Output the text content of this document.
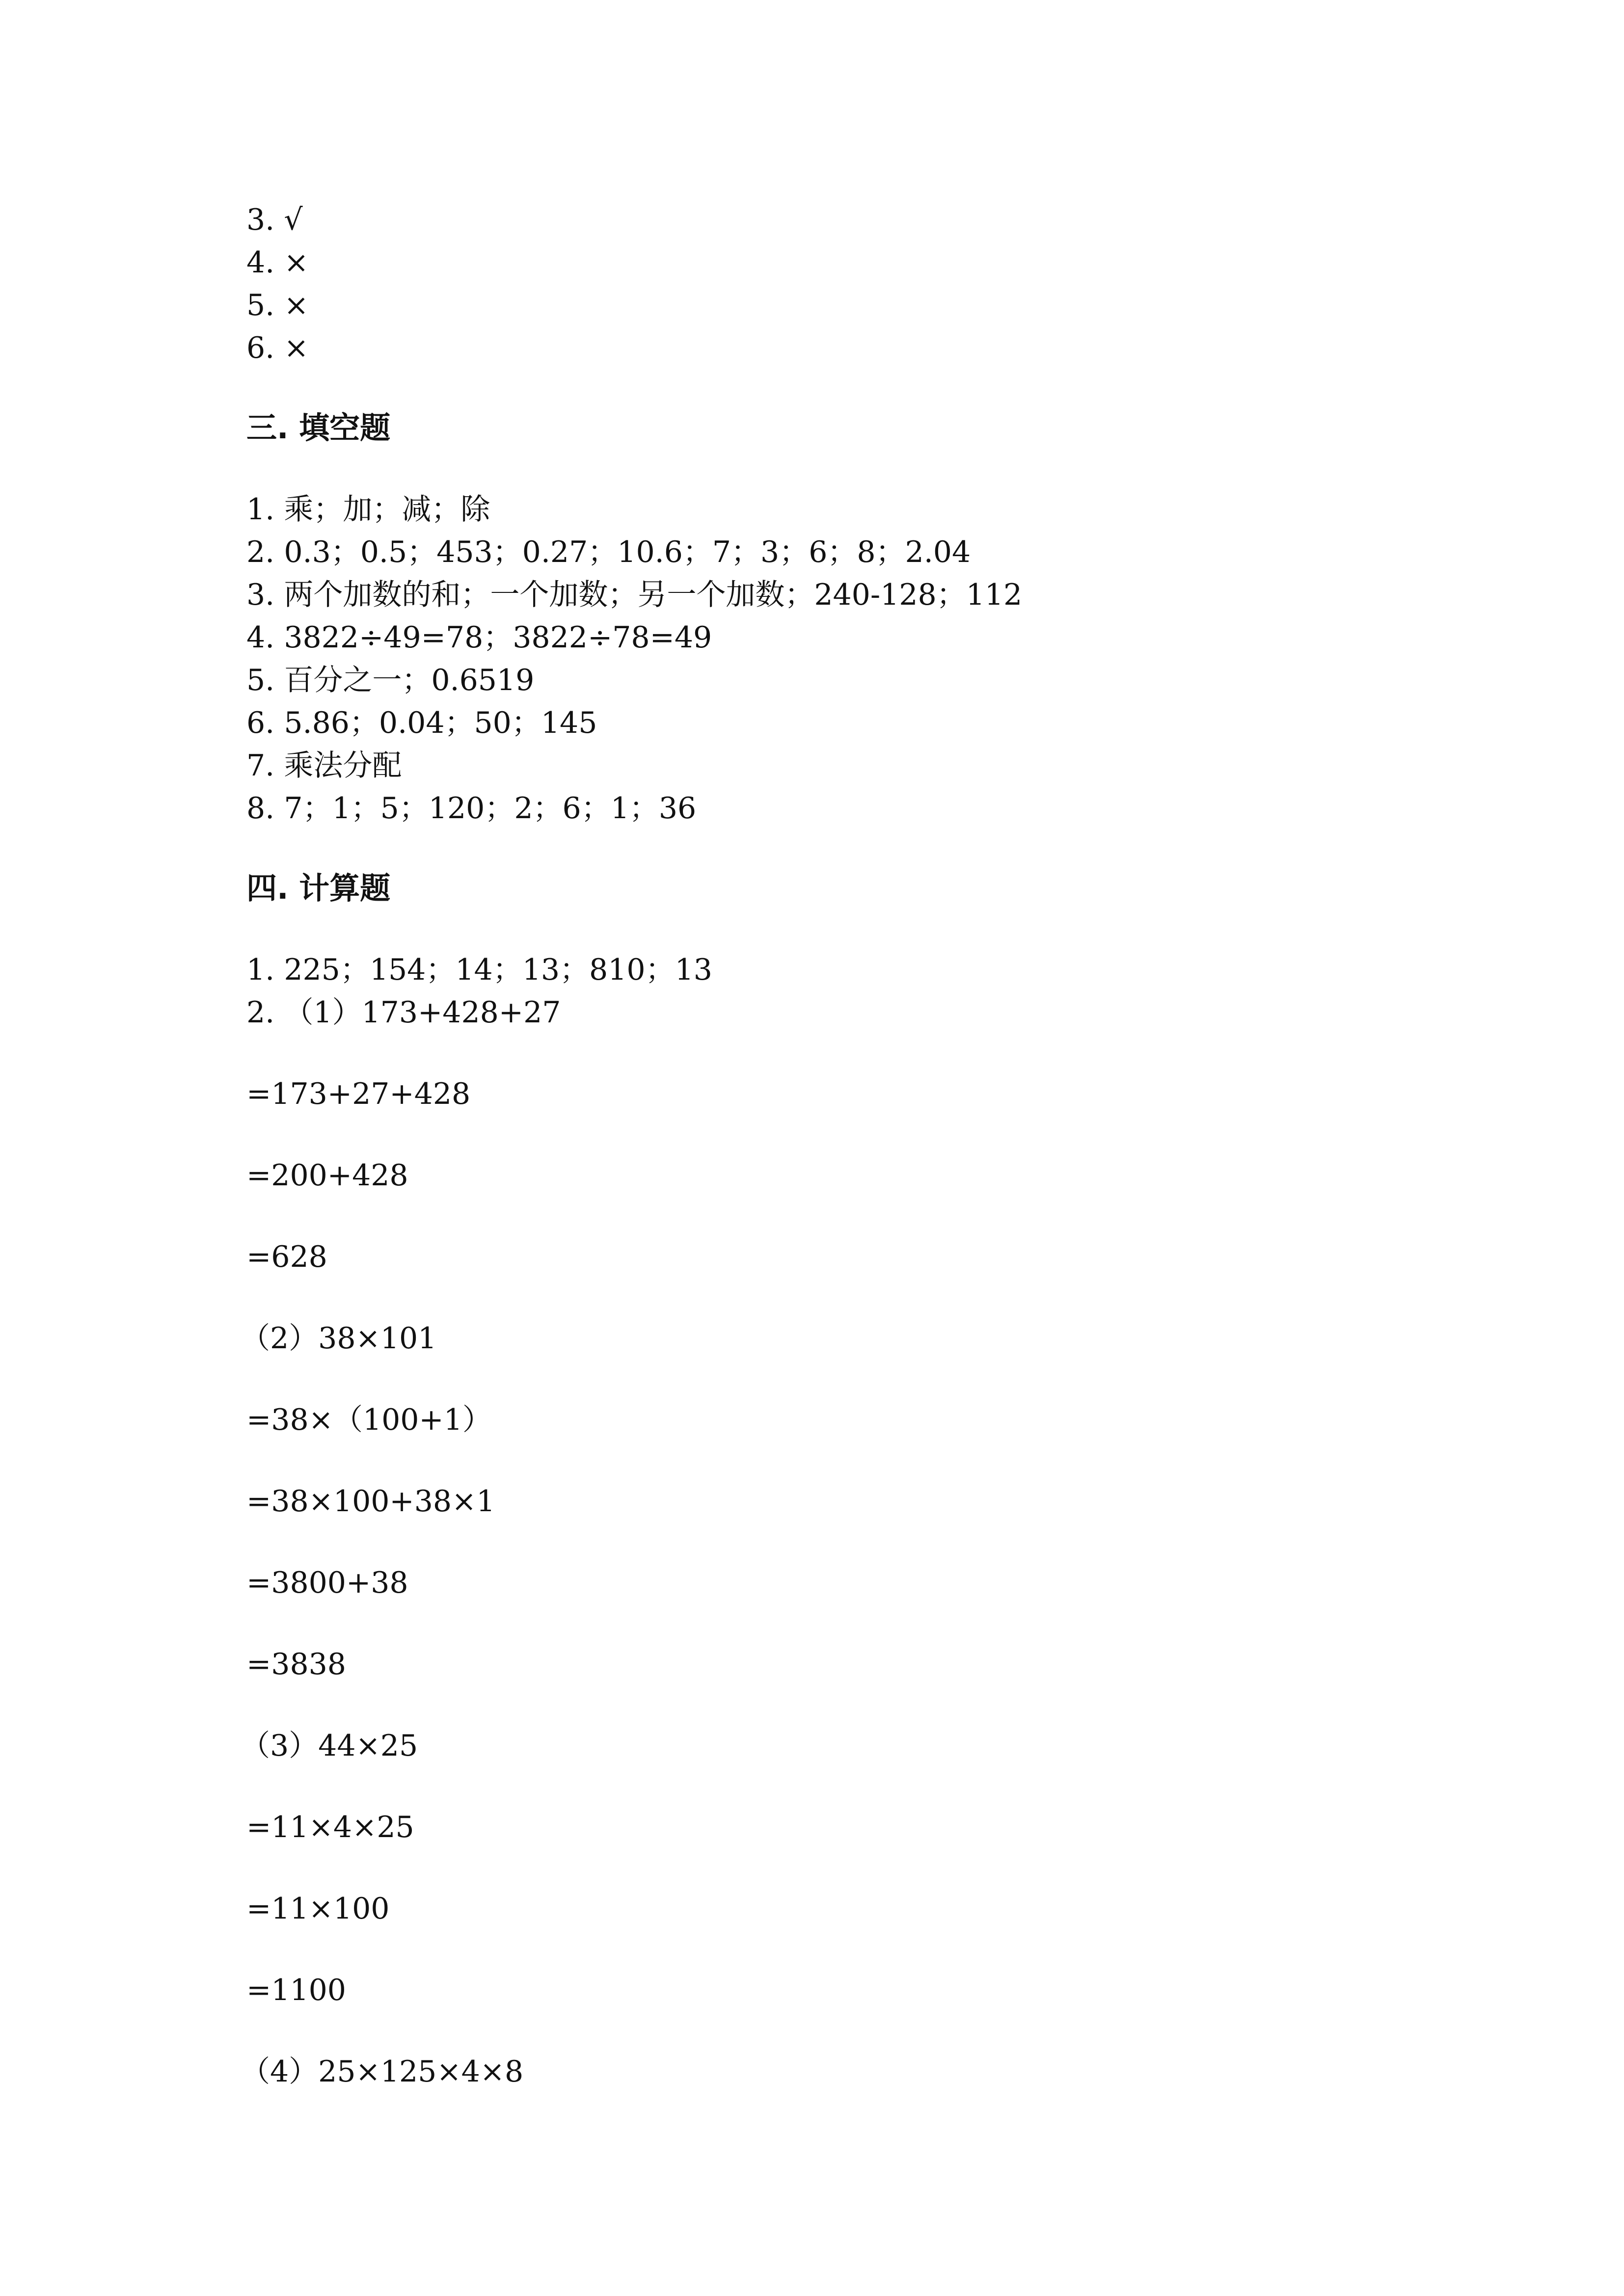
3. √
4. ×
5. ×
6. ×
三. 填空题
1. 乘；加；减；除
2. 0.3；0.5；453；0.27；10.6；7；3；6；8；2.04
3. 两个加数的和；一个加数；另一个加数；240-128；112
4. 3822÷49=78；3822÷78=49
5. 百分之一；0.6519
6. 5.86；0.04；50；145
7. 乘法分配
8. 7；1；5；120；2；6；1；36
四. 计算题
1. 225；154；14；13；810；13
2. （1）173+428+27
=173+27+428
=200+428
=628
（2）38×101
=38×（100+1）
=38×100+38×1
=3800+38
=3838
（3）44×25
=11×4×25
=11×100
=1100
（4）25×125×4×8
